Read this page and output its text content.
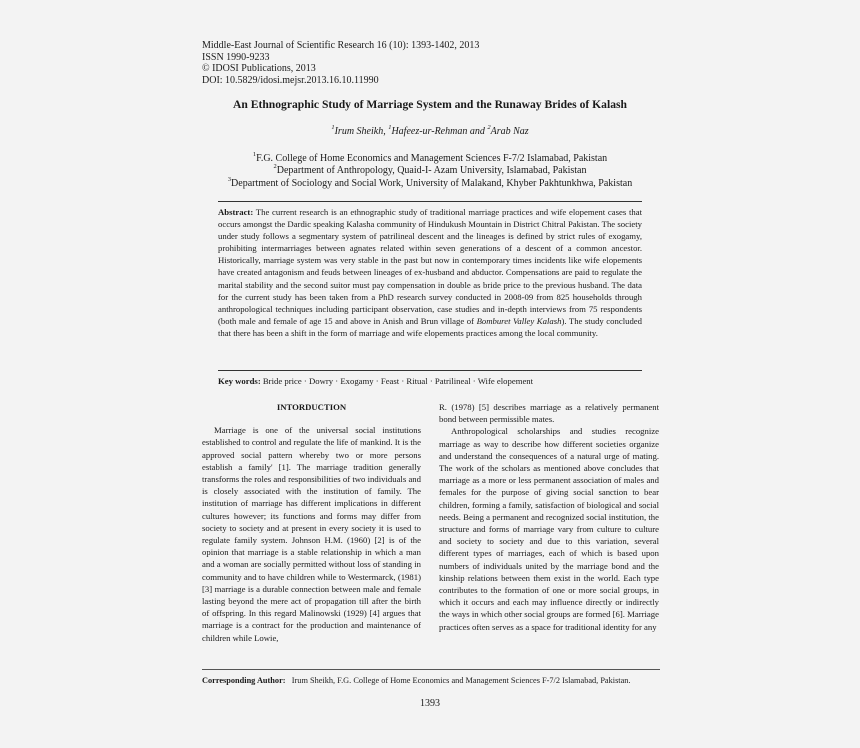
Middle-East Journal of Scientific Research 16 (10): 1393-1402, 2013
ISSN 1990-9233
© IDOSI Publications, 2013
DOI: 10.5829/idosi.mejsr.2013.16.10.11990
An Ethnographic Study of Marriage System and the Runaway Brides of Kalash
$^1$Irum Sheikh, $^1$Hafeez-ur-Rehman and $^2$Arab Naz
$^1$F.G. College of Home Economics and Management Sciences F-7/2 Islamabad, Pakistan
$^2$Department of Anthropology, Quaid-I- Azam University, Islamabad, Pakistan
$^3$Department of Sociology and Social Work, University of Malakand, Khyber Pakhtunkhwa, Pakistan
Abstract: The current research is an ethnographic study of traditional marriage practices and wife elopement cases that occurs amongst the Dardic speaking Kalasha community of Hindukush Mountain in District Chitral Pakistan. The society under study follows a segmentary system of patrilineal descent and the lineages is defined by strict rules of exogamy, prohibiting intermarriages between agnates related within seven generations of a descent of a common ancestor. Historically, marriage system was very stable in the past but now in contemporary times incidents like wife elopements have created antagonism and feuds between lineages of ex-husband and abductor. Compensations are paid to regulate the marital stability and the second suitor must pay compensation in double as bride price to the previous husband. The data for the current study has been taken from a PhD research survey conducted in 2008-09 from 825 households through anthropological techniques including participant observation, case studies and in-depth interviews from 75 respondents (both male and female of age 15 and above in Anish and Brun village of Bomburet Valley Kalash). The study concluded that there has been a shift in the form of marriage and wife elopements practices among the local community.
Key words: Bride price · Dowry · Exogamy · Feast · Ritual · Patrilineal · Wife elopement

INTORDUCTION

Marriage is one of the universal social institutions established to control and regulate the life of mankind. It is the approved social pattern whereby two or more persons establish a family' [1]. The marriage tradition generally transforms the roles and responsibilities of two individuals and is closely associated with the institution of family. The institution of marriage has different implications in different cultures however; its functions and forms may differ from society to society and at present in every society it is used to regulate family system. Johnson H.M. (1960) [2] is of the opinion that marriage is a stable relationship in which a man and a woman are socially permitted without loss of standing in community and to have children while to Westermarck, (1981) [3] marriage is a durable connection between male and female lasting beyond the mere act of propagation till after the birth of offspring. In this regard Malinowski (1929) [4] argues that marriage is a contract for the production and maintenance of children while Lowie,

R. (1978) [5] describes marriage as a relatively permanent bond between permissible mates.

Anthropological scholarships and studies recognize marriage as way to describe how different societies organize and understand the consequences of a natural urge of mating. The work of the scholars as mentioned above concludes that marriage as a more or less permanent association of males and females for the purpose of giving social sanction to bear children, forming a family, satisfaction of biological and social needs. Being a permanent and recognized social institution, the structure and forms of marriage vary from culture to culture and society to society and due to this variation, several different types of marriages, each of which is based upon numbers of individuals united by the marriage bond and the kinship relations between them exist in the world. Each type contributes to the formation of one or more social groups, in which it occurs and each may influence directly or indirectly the ways in which other social groups are formed [6]. Marriage practices often serves as a space for traditional identity for any

Corresponding Author: Irum Sheikh, F.G. College of Home Economics and Management Sciences F-7/2 Islamabad, Pakistan.
1393
